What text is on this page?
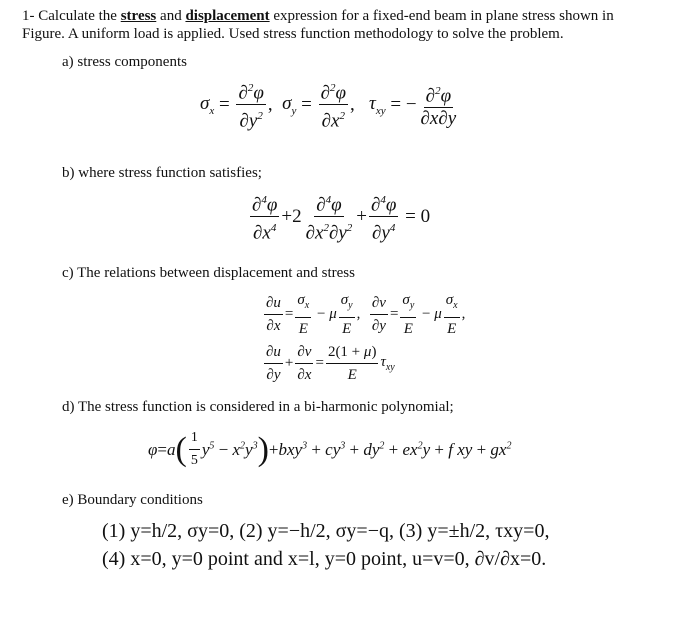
1- Calculate the stress and displacement expression for a fixed-end beam in plane stress shown in
Figure. A uniform load is applied. Used stress function methodology to solve the problem.
a) stress components
$\sigma_x = \frac{\partial^2\varphi}{\partial y^2}$ , $\sigma_y = \frac{\partial^2\varphi}{\partial x^2}$ , $\tau_{xy}$ = − $\frac{\partial^2\varphi}{\partial x\partial y}$
b) where stress function satisfies;
$\frac{\partial^4\varphi}{\partial x^4} +2 \frac{\partial^4\varphi}{\partial x^2\partial y^2} + \frac{\partial^4\varphi}{\partial y^4} = 0$
c) The relations between displacement and stress
$\frac{\partial u}{\partial x} = \frac{\sigma_x}{E} - \mu \frac{\sigma_y}{E}$ , $\frac{\partial v}{\partial y} = \frac{\sigma_y}{E} - \mu \frac{\sigma_x}{E}$ ,
$\frac{\partial u}{\partial y} + \frac{\partial v}{\partial x} = \frac{2(1 + \mu)}{E} \tau_{xy}$
d) The stress function is considered in a bi-harmonic polynomial;
φ = a ( $\frac{1}{5} y^5 - x^2y^3$ ) + $bxy^3 + cy^3 + dy^2 + ex^2y + f$ xy + $gx^2$
e) Boundary conditions
(1) y=h/2, σy=0, (2) y=−h/2, σy=−q, (3) y=±h/2, τxy=0,
(4) x=0, y=0 point and x=l, y=0 point, u=v=0, ∂v/∂x=0.
